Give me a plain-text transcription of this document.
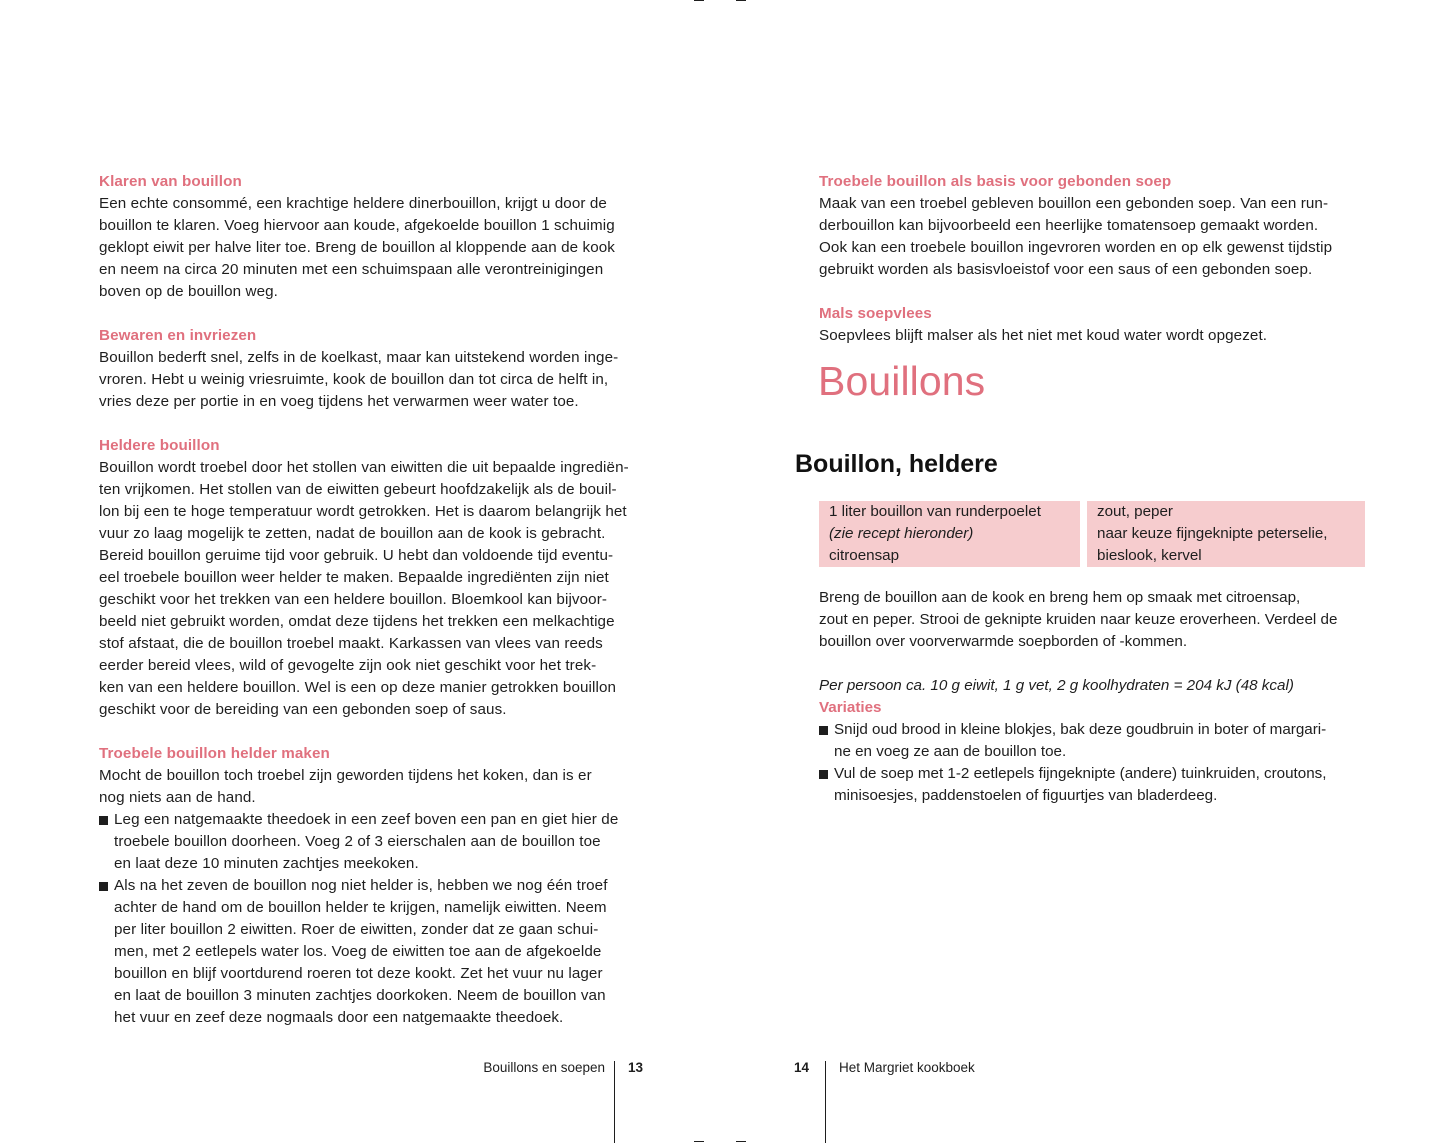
Klaren van bouillon

Een echte consommé, een krachtige heldere dinerbouillon, krijgt u door de

bouillon te klaren. Voeg hiervoor aan koude, afgekoelde bouillon 1 schuimig

geklopt eiwit per halve liter toe. Breng de bouillon al kloppende aan de kook

en neem na circa 20 minuten met een schuimspaan alle verontreinigingen

boven op de bouillon weg.

Bewaren en invriezen

Bouillon bederft snel, zelfs in de koelkast, maar kan uitstekend worden inge-

vroren. Hebt u weinig vriesruimte, kook de bouillon dan tot circa de helft in,

vries deze per portie in en voeg tijdens het verwarmen weer water toe.

Heldere bouillon

Bouillon wordt troebel door het stollen van eiwitten die uit bepaalde ingrediën-

ten vrijkomen. Het stollen van de eiwitten gebeurt hoofdzakelijk als de bouil-

lon bij een te hoge temperatuur wordt getrokken. Het is daarom belangrijk het

vuur zo laag mogelijk te zetten, nadat de bouillon aan de kook is gebracht.

Bereid bouillon geruime tijd voor gebruik. U hebt dan voldoende tijd eventu-

eel troebele bouillon weer helder te maken. Bepaalde ingrediënten zijn niet

geschikt voor het trekken van een heldere bouillon. Bloemkool kan bijvoor-

beeld niet gebruikt worden, omdat deze tijdens het trekken een melkachtige

stof afstaat, die de bouillon troebel maakt. Karkassen van vlees van reeds

eerder bereid vlees, wild of gevogelte zijn ook niet geschikt voor het trek-

ken van een heldere bouillon. Wel is een op deze manier getrokken bouillon

geschikt voor de bereiding van een gebonden soep of saus.

Troebele bouillon helder maken

Mocht de bouillon toch troebel zijn geworden tijdens het koken, dan is er

nog niets aan de hand.

Leg een natgemaakte theedoek in een zeef boven een pan en giet hier de

troebele bouillon doorheen. Voeg 2 of 3 eierschalen aan de bouillon toe

en laat deze 10 minuten zachtjes meekoken.

Als na het zeven de bouillon nog niet helder is, hebben we nog één troef

achter de hand om de bouillon helder te krijgen, namelijk eiwitten. Neem

per liter bouillon 2 eiwitten. Roer de eiwitten, zonder dat ze gaan schui-

men, met 2 eetlepels water los. Voeg de eiwitten toe aan de afgekoelde

bouillon en blijf voortdurend roeren tot deze kookt. Zet het vuur nu lager

en laat de bouillon 3 minuten zachtjes doorkoken. Neem de bouillon van

het vuur en zeef deze nogmaals door een natgemaakte theedoek.

Troebele bouillon als basis voor gebonden soep

Maak van een troebel gebleven bouillon een gebonden soep. Van een run-

derbouillon kan bijvoorbeeld een heerlijke tomatensoep gemaakt worden.

Ook kan een troebele bouillon ingevroren worden en op elk gewenst tijdstip

gebruikt worden als basisvloeistof voor een saus of een gebonden soep.

Mals soepvlees

Soepvlees blijft malser als het niet met koud water wordt opgezet.

Bouillons
Bouillon, heldere

1 liter bouillon van runderpoelet

(zie recept hieronder)

citroensap

zout, peper

naar keuze fijngeknipte peterselie,

bieslook, kervel

Breng de bouillon aan de kook en breng hem op smaak met citroensap,

zout en peper. Strooi de geknipte kruiden naar keuze eroverheen. Verdeel de

bouillon over voorverwarmde soepborden of -kommen.

Per persoon ca. 10 g eiwit, 1 g vet, 2 g koolhydraten = 204 kJ (48 kcal)

Variaties

Snijd oud brood in kleine blokjes, bak deze goudbruin in boter of margari-

ne en voeg ze aan de bouillon toe.

Vul de soep met 1-2 eetlepels fijngeknipte (andere) tuinkruiden, croutons,

minisoesjes, paddenstoelen of figuurtjes van bladerdeeg.

Bouillons en soepen 13	14 Het Margriet kookboek
